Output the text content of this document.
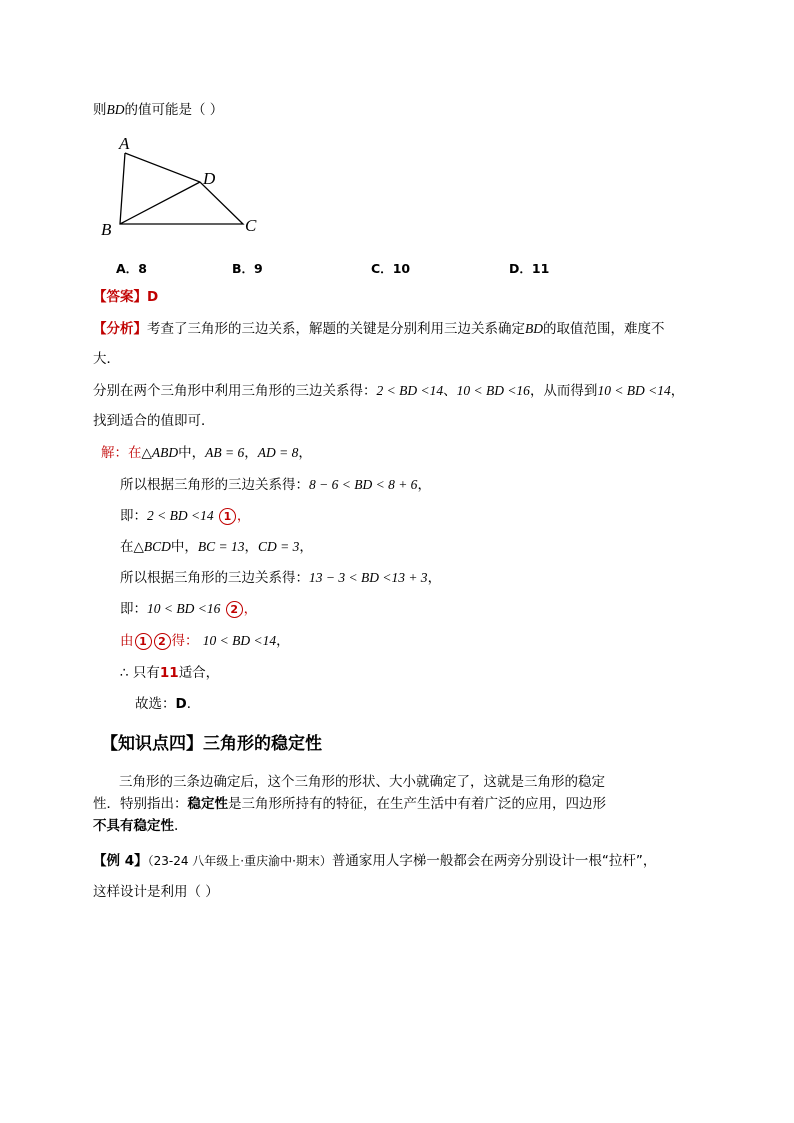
则BD的值可能是（ ）
A
D
B	C
A．8	B．9	C．10	D．11
【答案】D
【分析】考查了三角形的三边关系，解题的关键是分别利用三边关系确定BD的取值范围，难度不
大．
分别在两个三角形中利用三角形的三边关系得：2 < BD <14、10 < BD <16，从而得到10 < BD <14，
找到适合的值即可．
解：在△ABD中，AB = 6，AD = 8，
所以根据三角形的三边关系得：8 − 6 < BD < 8 + 6，
即：2 < BD <14 1 ，
在△BCD中，BC = 13，CD = 3，
所以根据三角形的三边关系得：13 − 3 < BD <13 + 3，
即：10 < BD <16 2 ，
由 1 2 得： 10 < BD <14，
∴ 只有11适合，
故选：D．
【知识点四】三角形的稳定性
三角形的三条边确定后，这个三角形的形状、大小就确定了，这就是三角形的稳定
性．特别指出：稳定性是三角形所持有的特征，在生产生活中有着广泛的应用，四边形
不具有稳定性.
【例 4】（23-24 八年级上·重庆渝中·期末）普通家用人字梯一般都会在两旁分别设计一根“拉杆”，
这样设计是利用（ ）
